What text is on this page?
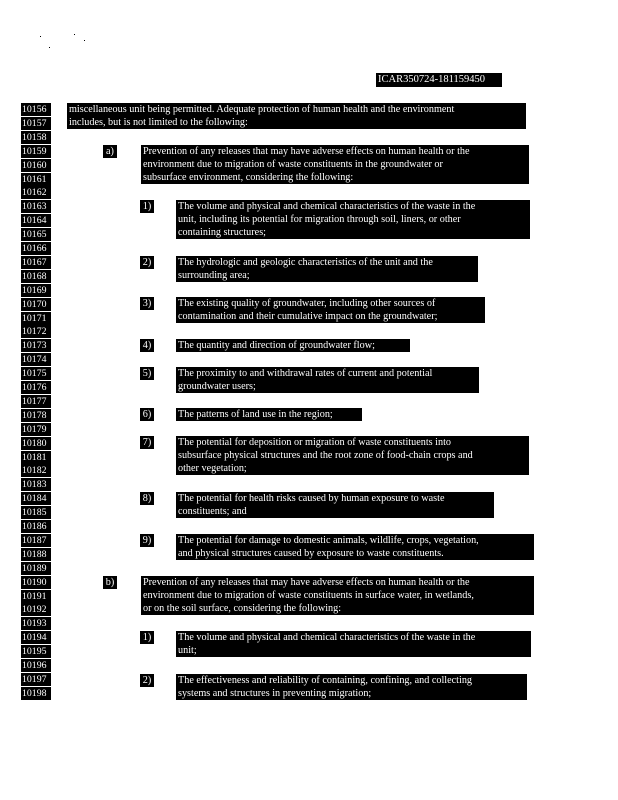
ICAR350724-181159450
10156
10157
10158
10159
10160
10161
10162
10163
10164
10165
10166
10167
10168
10169
10170
10171
10172
10173
10174
10175
10176
10177
10178
10179
10180
10181
10182
10183
10184
10185
10186
10187
10188
10189
10190
10191
10192
10193
10194
10195
10196
10197
10198
miscellaneous unit being permitted. Adequate protection of human health and the environment
includes, but is not limited to the following:
a)	Prevention of any releases that may have adverse effects on human health or the
environment due to migration of waste constituents in the groundwater or
subsurface environment, considering the following:
1)	The volume and physical and chemical characteristics of the waste in the
unit, including its potential for migration through soil, liners, or other
containing structures;
2)	The hydrologic and geologic characteristics of the unit and the
surrounding area;
3)	The existing quality of groundwater, including other sources of
contamination and their cumulative impact on the groundwater;
4)	The quantity and direction of groundwater flow;
5)	The proximity to and withdrawal rates of current and potential
groundwater users;
6)	The patterns of land use in the region;
7)	The potential for deposition or migration of waste constituents into
subsurface physical structures and the root zone of food-chain crops and
other vegetation;
8)	The potential for health risks caused by human exposure to waste
constituents; and
9)	The potential for damage to domestic animals, wildlife, crops, vegetation,
and physical structures caused by exposure to waste constituents.
b)	Prevention of any releases that may have adverse effects on human health or the
environment due to migration of waste constituents in surface water, in wetlands,
or on the soil surface, considering the following:
1)	The volume and physical and chemical characteristics of the waste in the
unit;
2)	The effectiveness and reliability of containing, confining, and collecting
systems and structures in preventing migration;
